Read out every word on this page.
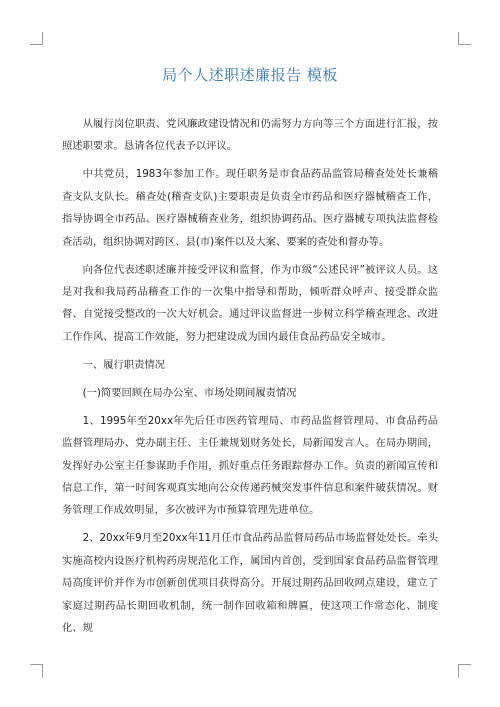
局个人述职述廉报告 模板

从履行岗位职责、党风廉政建设情况和仍需努力方向等三个方面进行汇报，按照述职要求。恳请各位代表予以评议。

中共党员，1983年参加工作。现任职务是市食品药品监管局稽查处处长兼稽查支队支队长。稽查处(稽查支队)主要职责是负责全市药品和医疗器械稽查工作，指导协调全市药品、医疗器械稽查业务，组织协调药品、医疗器械专项执法监督检查活动，组织协调对跨区、县(市)案件以及大案、要案的查处和督办等。

向各位代表述职述廉并接受评议和监督，作为市级“公述民评”被评议人员。这是对我和我局药品稽查工作的一次集中指导和帮助，倾听群众呼声、接受群众监督、自觉接受整改的一次大好机会。通过评议监督进一步树立科学稽查理念、改进工作作风、提高工作效能，努力把建设成为国内最佳食品药品安全城市。

一、履行职责情况

(一)简要回顾在局办公室、市场处期间履责情况

1、1995年至20xx年先后任市医药管理局、市药品监督管理局、市食品药品监督管理局办、党办副主任、主任兼规划财务处长，局新闻发言人。在局办期间，发挥好办公室主任参谋助手作用，抓好重点任务跟踪督办工作。负责的新闻宣传和信息工作，第一时间客观真实地向公众传递药械突发事件信息和案件破获情况。财务管理工作成效明显，多次被评为市预算管理先进单位。

2、20xx年9月至20xx年11月任市食品药品监督局药品市场监督处处长。牵头实施高校内设医疗机构药房规范化工作，属国内首创，受到国家食品药品监督管理局高度评价并作为市创新创优项目获得高分。开展过期药品回收网点建设，建立了家庭过期药品长期回收机制，统一制作回收箱和牌匾，使这项工作常态化、制度化、规
